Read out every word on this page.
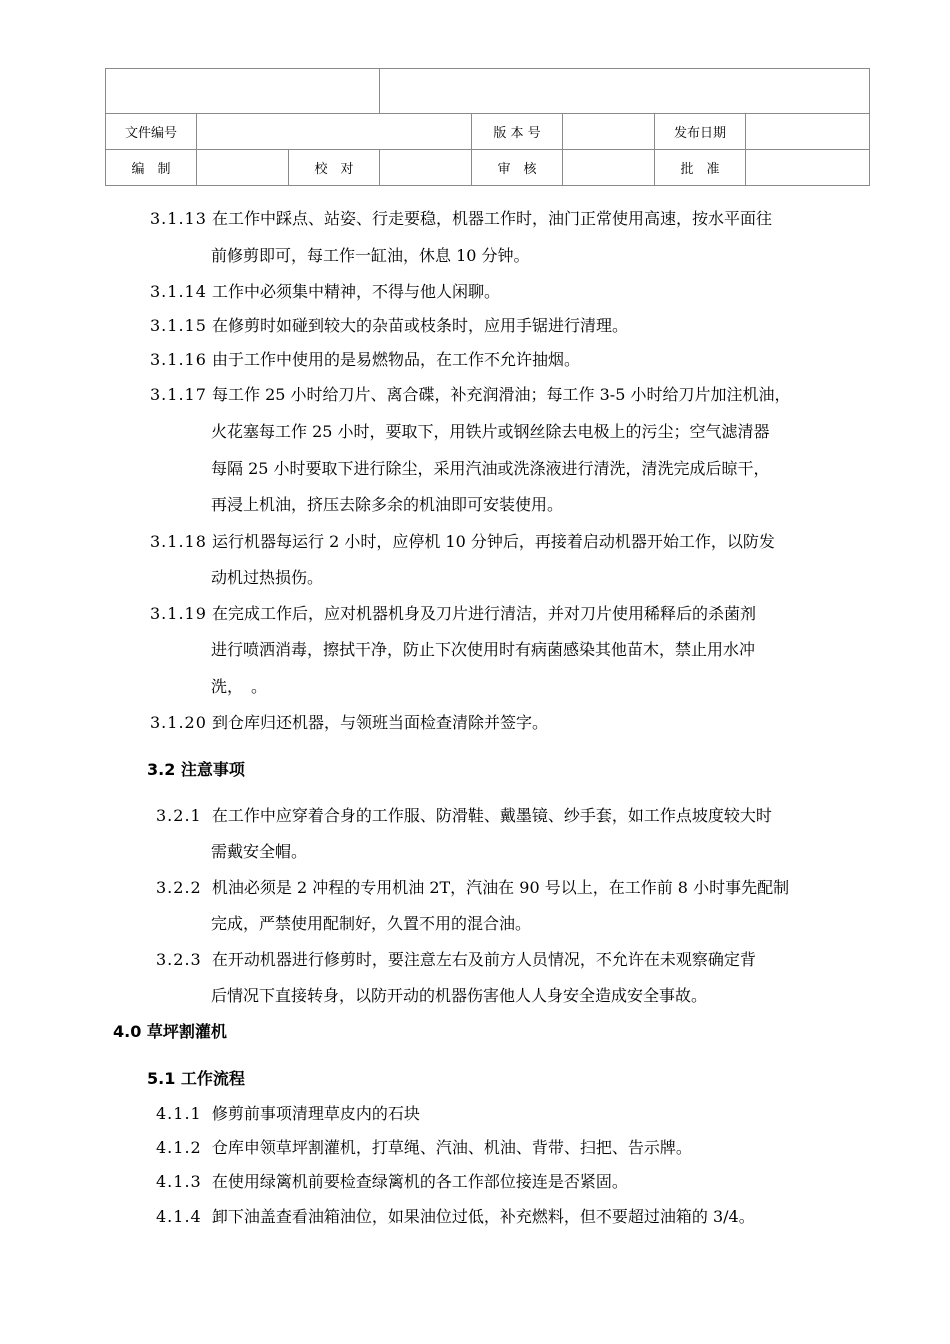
文件编号				版 本 号		发布日期	
编　制		校　对		审　核		批　准	
3.1.13 在工作中踩点、站姿、行走要稳，机器工作时，油门正常使用高速，按水平面往
前修剪即可，每工作一缸油，休息 10 分钟。
3.1.14 工作中必须集中精神，不得与他人闲聊。
3.1.15 在修剪时如碰到较大的杂苗或枝条时，应用手锯进行清理。
3.1.16 由于工作中使用的是易燃物品，在工作不允许抽烟。
3.1.17 每工作 25 小时给刀片、离合碟，补充润滑油；每工作 3-5 小时给刀片加注机油，
火花塞每工作 25 小时，要取下，用铁片或钢丝除去电极上的污尘；空气滤清器
每隔 25 小时要取下进行除尘，采用汽油或洗涤液进行清洗，清洗完成后晾干，
再浸上机油，挤压去除多余的机油即可安装使用。
3.1.18 运行机器每运行 2 小时，应停机 10 分钟后，再接着启动机器开始工作，以防发
动机过热损伤。
3.1.19 在完成工作后，应对机器机身及刀片进行清洁，并对刀片使用稀释后的杀菌剂
进行喷洒消毒，擦拭干净，防止下次使用时有病菌感染其他苗木，禁止用水冲
洗，　。
3.1.20 到仓库归还机器，与领班当面检查清除并签字。
3.2 注意事项
3.2.1 在工作中应穿着合身的工作服、防滑鞋、戴墨镜、纱手套，如工作点坡度较大时
需戴安全帽。
3.2.2 机油必须是 2 冲程的专用机油 2T，汽油在 90 号以上，在工作前 8 小时事先配制
完成，严禁使用配制好，久置不用的混合油。
3.2.3 在开动机器进行修剪时，要注意左右及前方人员情况，不允许在未观察确定背
后情况下直接转身，以防开动的机器伤害他人人身安全造成安全事故。
4.0 草坪割灌机
5.1 工作流程
4.1.1 修剪前事项清理草皮内的石块
4.1.2 仓库申领草坪割灌机，打草绳、汽油、机油、背带、扫把、告示牌。
4.1.3 在使用绿篱机前要检查绿篱机的各工作部位接连是否紧固。
4.1.4 卸下油盖查看油箱油位，如果油位过低，补充燃料，但不要超过油箱的 3/4。
